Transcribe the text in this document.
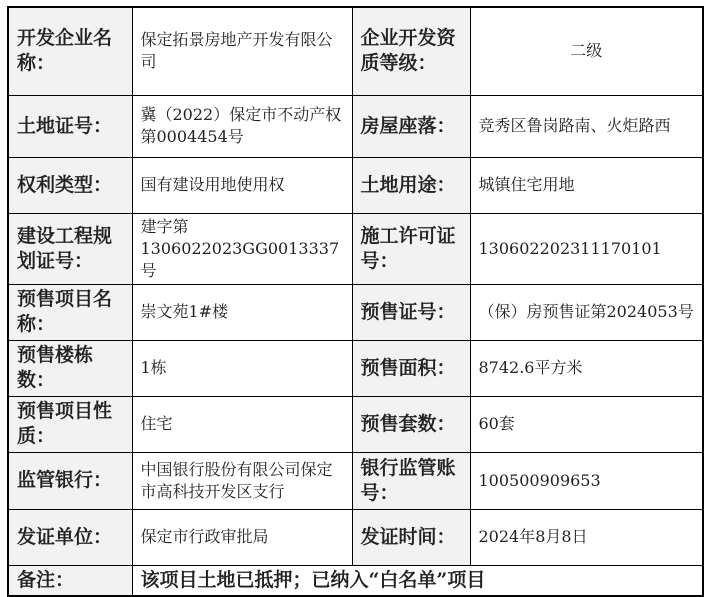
开发企业名称：	保定拓景房地产开发有限公司	企业开发资质等级：	二级
土地证号：	冀（2022）保定市不动产权第0004454号	房屋座落：	竞秀区鲁岗路南、火炬路西
权利类型：	国有建设用地使用权	土地用途：	城镇住宅用地
建设工程规划证号：	建字第1306022023GG0013337号	施工许可证号：	130602202311170101
预售项目名称：	崇文苑1#楼	预售证号：	（保）房预售证第2024053号
预售楼栋数：	1栋	预售面积：	8742.6平方米
预售项目性质：	住宅	预售套数：	60套
监管银行：	中国银行股份有限公司保定市高科技开发区支行	银行监管账号：	100500909653
发证单位：	保定市行政审批局	发证时间：	2024年8月8日
备注：	该项目土地已抵押；已纳入“白名单”项目		
